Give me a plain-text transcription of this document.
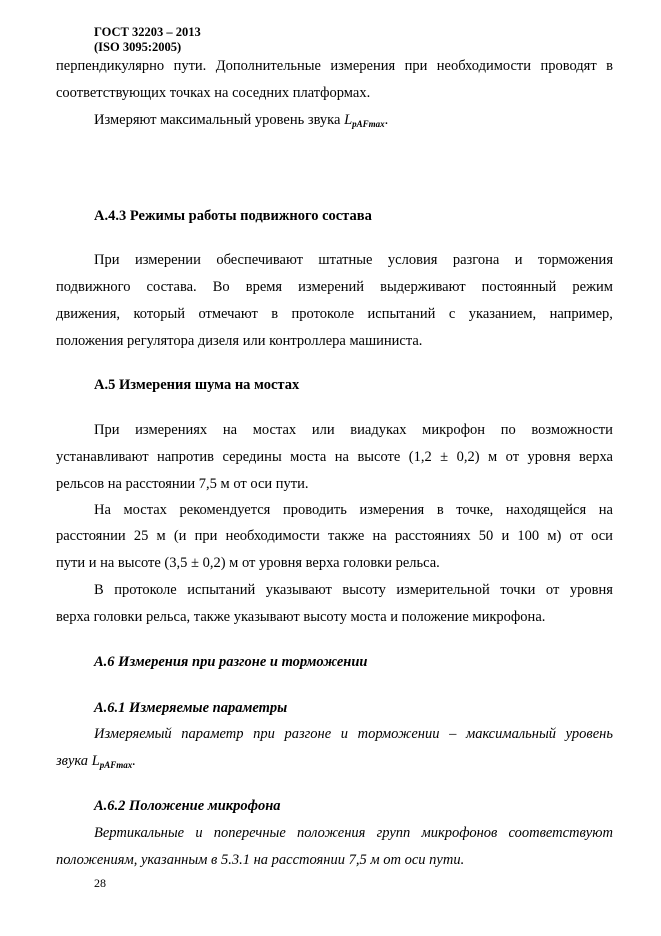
ГОСТ 32203 – 2013
(ISO 3095:2005)
перпендикулярно пути. Дополнительные измерения при необходимости проводят в
соответствующих точках на соседних платформах.
Измеряют максимальный уровень звука $L_{pAFmax}$.
А.4.3 Режимы работы подвижного состава
При измерении обеспечивают штатные условия разгона и торможения
подвижного состава. Во время измерений выдерживают постоянный режим
движения, который отмечают в протоколе испытаний с указанием, например,
положения регулятора дизеля или контроллера машиниста.
А.5 Измерения шума на мостах
При измерениях на мостах или виадуках микрофон по возможности
устанавливают напротив середины моста на высоте (1,2 ± 0,2) м от уровня верха
рельсов на расстоянии 7,5 м от оси пути.
На мостах рекомендуется проводить измерения в точке, находящейся на
расстоянии 25 м (и при необходимости также на расстояниях 50 и 100 м) от оси
пути и на высоте (3,5 ± 0,2) м от уровня верха головки рельса.
В протоколе испытаний указывают высоту измерительной точки от уровня
верха головки рельса, также указывают высоту моста и положение микрофона.
А.6 Измерения при разгоне и торможении
А.6.1 Измеряемые параметры
Измеряемый параметр при разгоне и торможении – максимальный уровень
звука $L_{pAFmax}$.
А.6.2 Положение микрофона
Вертикальные и поперечные положения групп микрофонов соответствуют
положениям, указанным в 5.3.1 на расстоянии 7,5 м от оси пути.
28
